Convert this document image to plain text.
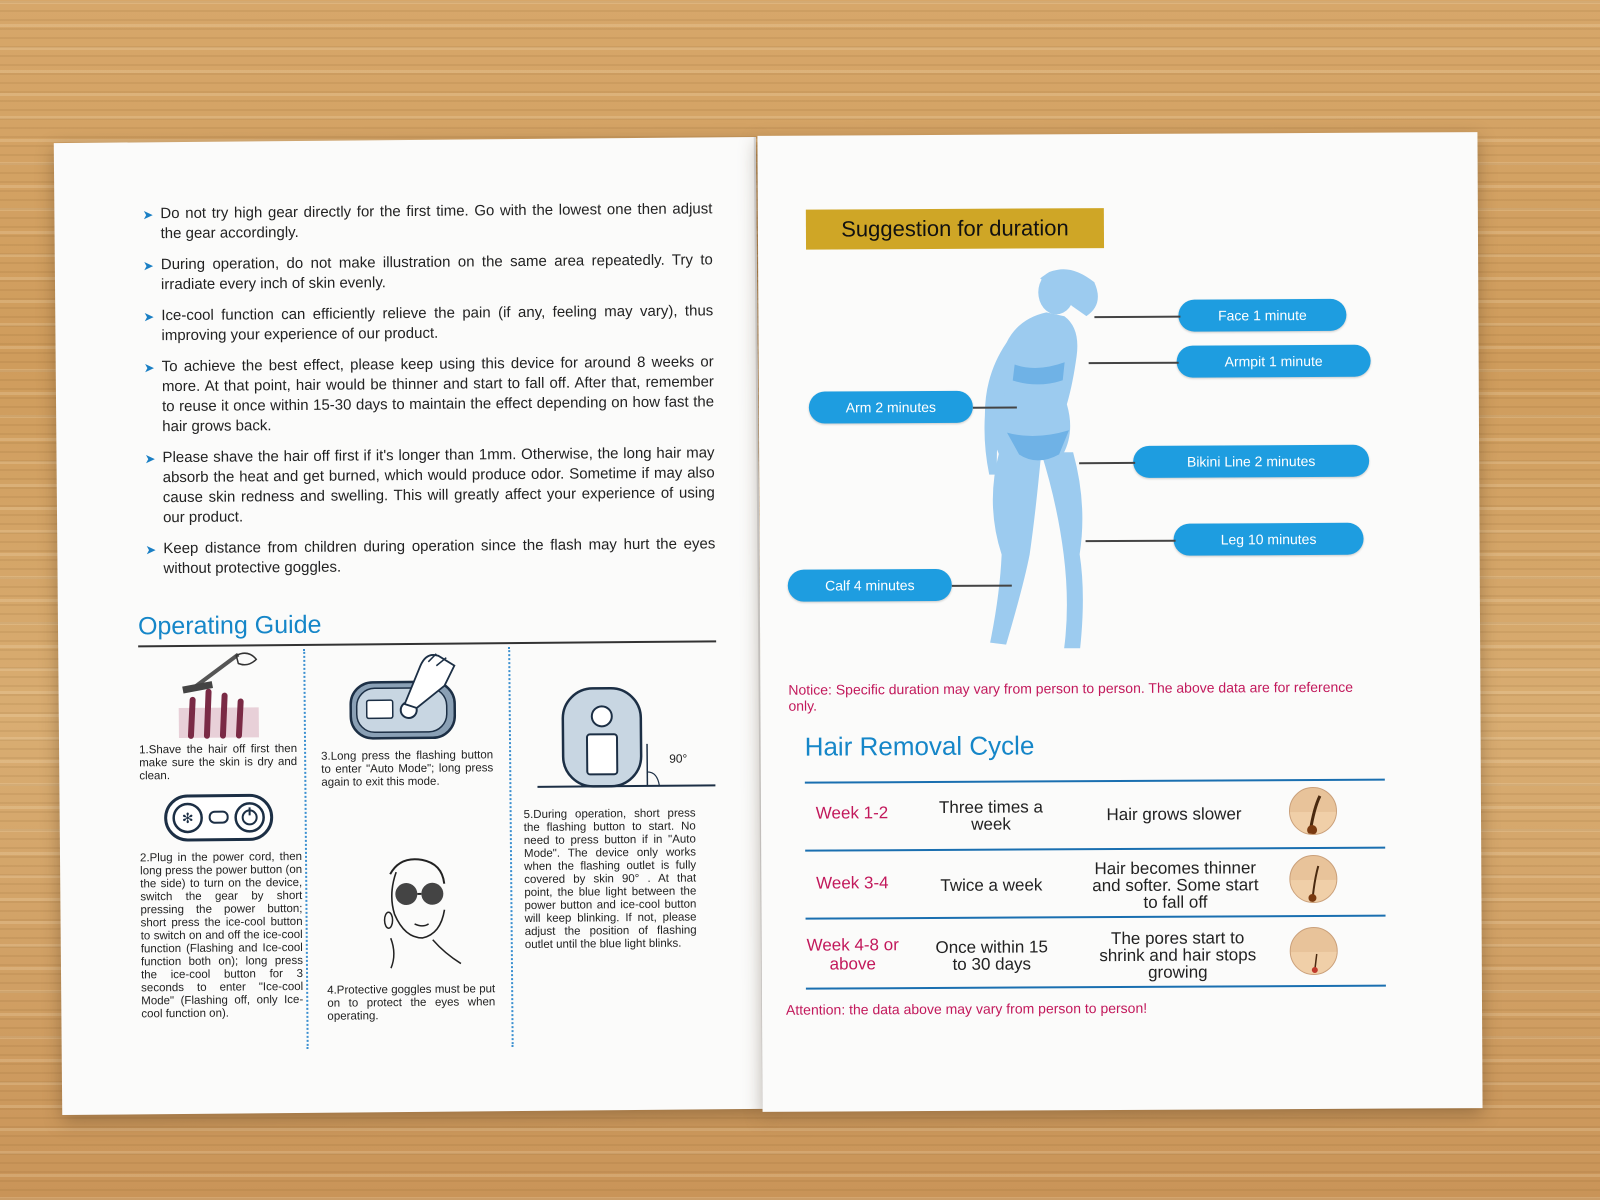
➤ Do not try high gear directly for the first time. Go with the lowest one then adjust the gear accordingly.
➤ During operation, do not make illustration on the same area repeatedly. Try to irradiate every inch of skin evenly.
➤ Ice-cool function can efficiently relieve the pain (if any, feeling may vary), thus improving your experience of our product.
➤ To achieve the best effect, please keep using this device for around 8 weeks or more. At that point, hair would be thinner and start to fall off. After that, remember to reuse it once within 15-30 days to maintain the effect depending on how fast the hair grows back.
➤ Please shave the hair off first if it's longer than 1mm. Otherwise, the long hair may absorb the heat and get burned, which would produce odor. Sometime if may also cause skin redness and swelling. This will greatly affect your experience of using our product.
➤ Keep distance from children during operation since the flash may hurt the eyes without protective goggles.
Operating Guide
1.Shave the hair off first then make sure the skin is dry and clean.
✻
2.Plug in the power cord, then long press the power button (on the side) to turn on the device, switch the gear by short pressing the power button; short press the ice-cool button to switch on and off the ice-cool function (Flashing and Ice-cool function both on); long press the ice-cool button for 3 seconds to enter "Ice-cool Mode" (Flashing off, only Ice-cool function on).
3.Long press the flashing button to enter "Auto Mode"; long press again to exit this mode.
4.Protective goggles must be put on to protect the eyes when operating.
90°
5.During operation, short press the flashing button to start. No need to press button if in "Auto Mode". The device only works when the flashing outlet is fully covered by skin 90° . At that point, the blue light between the power button and ice-cool button will keep blinking. If not, please adjust the position of flashing outlet until the blue light blinks.
Suggestion for duration
Face 1 minute
Armpit 1 minute
Arm 2 minutes
Bikini Line 2 minutes
Leg 10 minutes
Calf 4 minutes
Notice: Specific duration may vary from person to person. The above data are for reference only.
Hair Removal Cycle
Week 1-2	Three times a week
Hair grows slower
Week 3-4	Twice a week
Hair becomes thinner and softer. Some start to fall off
Week 4-8 or above
Once within 15 to 30 days
The pores start to shrink and hair stops growing
Attention: the data above may vary from person to person!
